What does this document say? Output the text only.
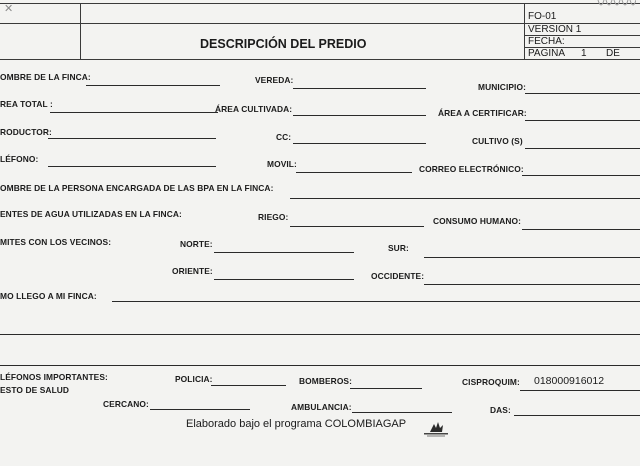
✕
DESCRIPCIÓN DEL PREDIO
FO-01
VERSION 1
FECHA:
PAGINA 1 DE
OMBRE DE LA FINCA:	VEREDA:
MUNICIPIO:
REA TOTAL :	ÁREA CULTIVADA:	ÁREA A CERTIFICAR:
RODUCTOR:	CC:	CULTIVO (S)
LÉFONO:	MOVIL:	CORREO ELECTRÓNICO:
OMBRE DE LA PERSONA ENCARGADA DE LAS BPA EN LA FINCA:
ENTES DE AGUA UTILIZADAS EN LA FINCA:	RIEGO:	CONSUMO HUMANO:
MITES CON LOS VECINOS:	NORTE:	SUR:
ORIENTE:	OCCIDENTE:
MO LLEGO A MI FINCA:
LÉFONOS IMPORTANTES:
ESTO DE SALUD
POLICIA:	BOMBEROS:	CISPROQUIM: 018000916012
CERCANO:	AMBULANCIA:	DAS:
Elaborado bajo el programa COLOMBIAGAP
